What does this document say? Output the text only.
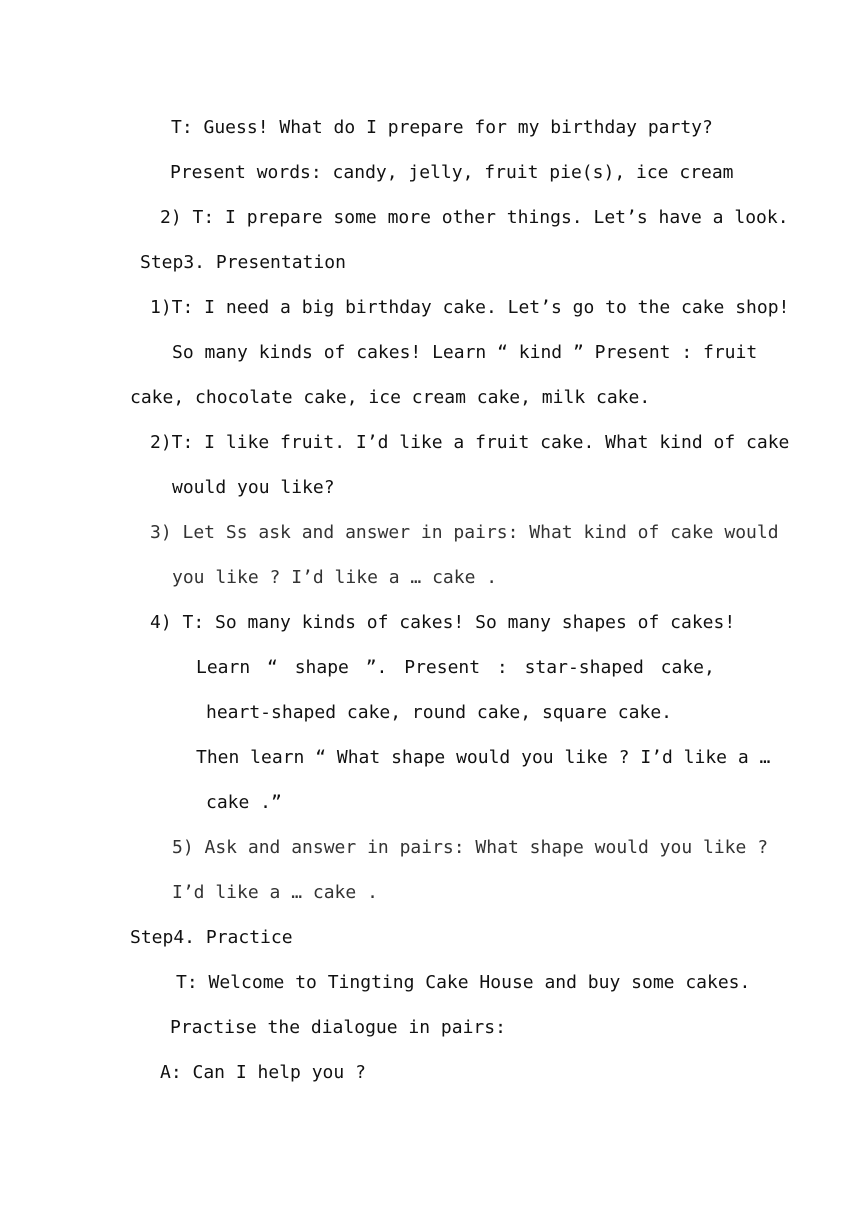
T: Guess! What do I prepare for my birthday party?
Present words: candy, jelly, fruit pie(s), ice cream
2) T: I prepare some more other things. Let’s have a look.
Step3. Presentation
1)T: I need a big birthday cake. Let’s go to the cake shop!
So many kinds of cakes! Learn “ kind ” Present : fruit
cake, chocolate cake, ice cream cake, milk cake.
2)T: I like fruit. I’d like a fruit cake. What kind of cake
would you like?
3) Let Ss ask and answer in pairs: What kind of cake would
you like ? I’d like a … cake .
4) T: So many kinds of cakes! So many shapes of cakes!
Learn “ shape ”. Present : star-shaped cake,
heart-shaped cake, round cake, square cake.
Then learn “ What shape would you like ? I’d like a …
cake .”
5) Ask and answer in pairs: What shape would you like ?
I’d like a … cake .
Step4. Practice
T: Welcome to Tingting Cake House and buy some cakes.
Practise the dialogue in pairs:
A: Can I help you ?
